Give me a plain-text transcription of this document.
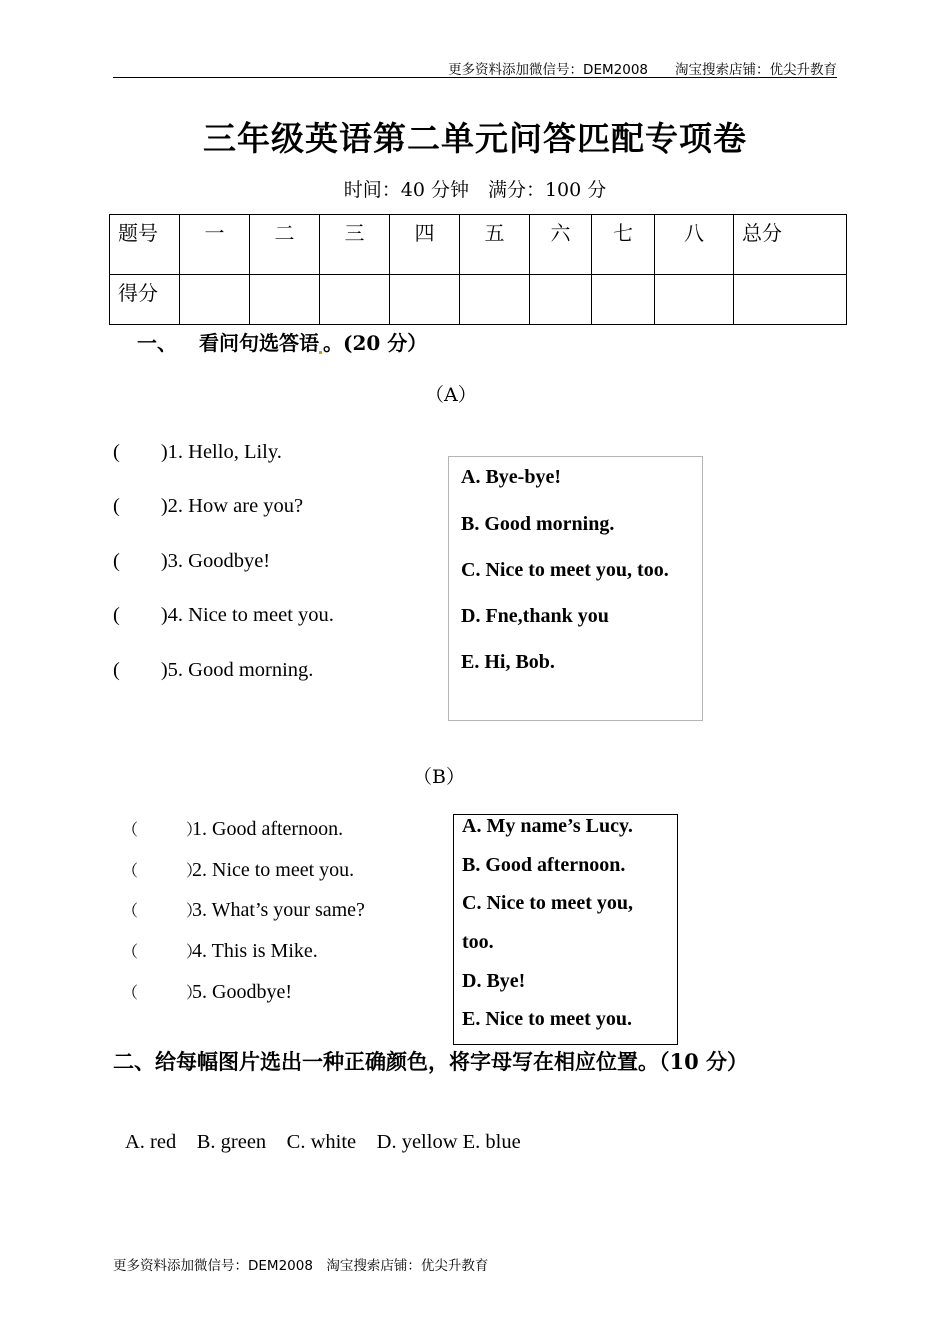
更多资料添加微信号：DEM2008　　淘宝搜索店铺：优尖升教育
三年级英语第二单元问答匹配专项卷
时间：40 分钟　满分：100 分
题号	一	二	三	四	五	六	七	八	总分
得分									
一、 看问句选答语 。(20 分）
（A）
(　　)1. Hello, Lily.
(　　)2. How are you?
(　　)3. Goodbye!
(　　)4. Nice to meet you.
(　　)5. Good morning.
A. Bye-bye!
B. Good morning.
C. Nice to meet you, too.
D. Fne,thank you
E. Hi, Bob.
（B）
（　　　）1. Good afternoon.
（　　　）2. Nice to meet you.
（　　　）3. What’s your same?
（　　　）4. This is Mike.
（　　　）5. Goodbye!
A. My name’s Lucy.
B. Good afternoon.
C. Nice to meet you,
too.
D. Bye!
E. Nice to meet you.
二、给每幅图片选出一种正确颜色，将字母写在相应位置。（10 分）
A. red　B. green　C. white　D. yellow E. blue
更多资料添加微信号：DEM2008　淘宝搜索店铺：优尖升教育
